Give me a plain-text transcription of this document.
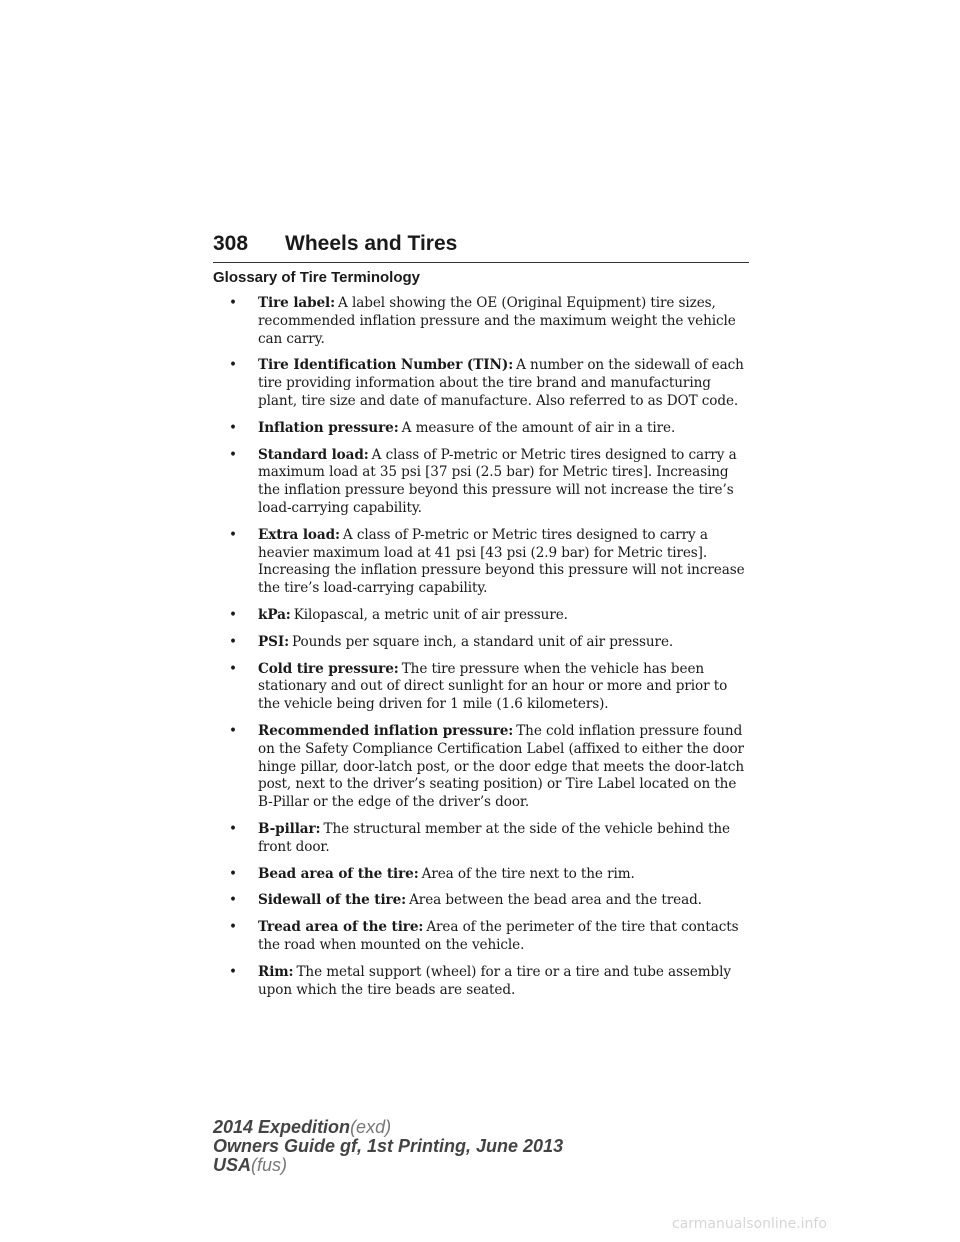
308 Wheels and Tires
Glossary of Tire Terminology
• Tire label: A label showing the OE (Original Equipment) tire sizes, recommended inflation pressure and the maximum weight the vehicle can carry.
• Tire Identification Number (TIN): A number on the sidewall of each tire providing information about the tire brand and manufacturing plant, tire size and date of manufacture. Also referred to as DOT code.
• Inflation pressure: A measure of the amount of air in a tire.
• Standard load: A class of P-metric or Metric tires designed to carry a maximum load at 35 psi [37 psi (2.5 bar) for Metric tires]. Increasing the inflation pressure beyond this pressure will not increase the tire’s load-carrying capability.
• Extra load: A class of P-metric or Metric tires designed to carry a heavier maximum load at 41 psi [43 psi (2.9 bar) for Metric tires]. Increasing the inflation pressure beyond this pressure will not increase the tire’s load-carrying capability.
• kPa: Kilopascal, a metric unit of air pressure.
• PSI: Pounds per square inch, a standard unit of air pressure.
• Cold tire pressure: The tire pressure when the vehicle has been stationary and out of direct sunlight for an hour or more and prior to the vehicle being driven for 1 mile (1.6 kilometers).
• Recommended inflation pressure: The cold inflation pressure found on the Safety Compliance Certification Label (affixed to either the door hinge pillar, door-latch post, or the door edge that meets the door-latch post, next to the driver’s seating position) or Tire Label located on the B-Pillar or the edge of the driver’s door.
• B-pillar: The structural member at the side of the vehicle behind the front door.
• Bead area of the tire: Area of the tire next to the rim.
• Sidewall of the tire: Area between the bead area and the tread.
• Tread area of the tire: Area of the perimeter of the tire that contacts the road when mounted on the vehicle.
• Rim: The metal support (wheel) for a tire or a tire and tube assembly upon which the tire beads are seated.
2014 Expedition(exd)
Owners Guide gf, 1st Printing, June 2013
USA(fus)
carmanualsonline.info
